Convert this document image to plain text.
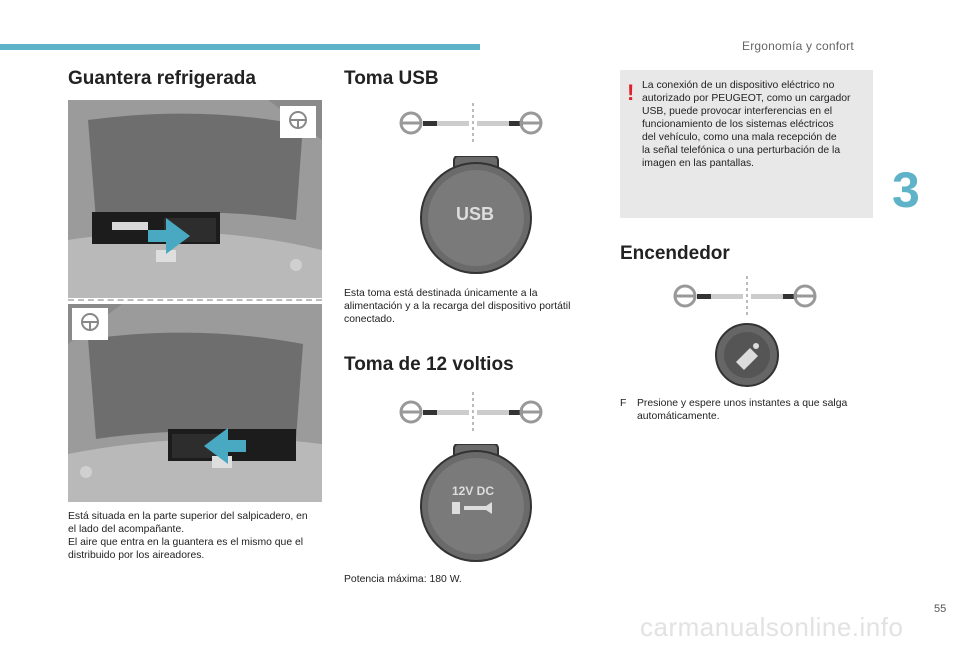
Ergonomía y confort
3
Guantera refrigerada
Está situada en la parte superior del salpicadero, en
el lado del acompañante.
El aire que entra en la guantera es el mismo que el
distribuido por los aireadores.
Toma USB
USB
Esta toma está destinada únicamente a la
alimentación y a la recarga del dispositivo portátil
conectado.
Toma de 12 voltios
12V DC
Potencia máxima: 180 W.
! La conexión de un dispositivo eléctrico no
autorizado por PEUGEOT, como un cargador
USB, puede provocar interferencias en el
funcionamiento de los sistemas eléctricos
del vehículo, como una mala recepción de
la señal telefónica o una perturbación de la
imagen en las pantallas.
Encendedor
F Presione y espere unos instantes a que salga
automáticamente.
55
carmanualsonline.info
